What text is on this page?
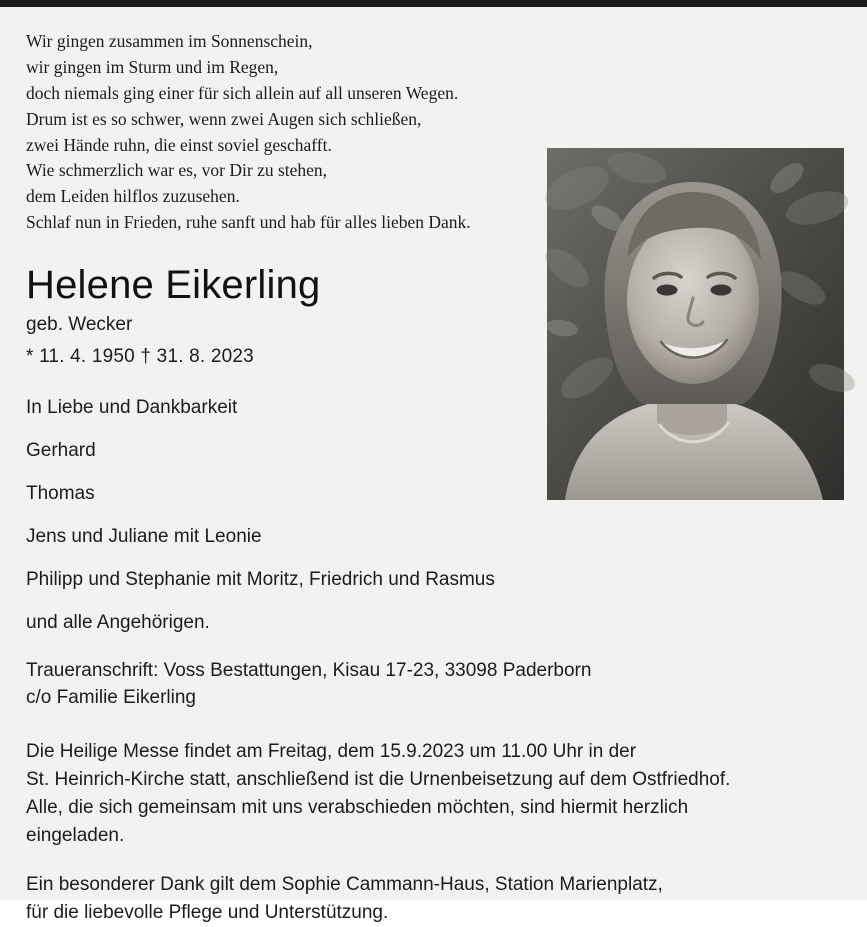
Wir gingen zusammen im Sonnenschein,
wir gingen im Sturm und im Regen,
doch niemals ging einer für sich allein auf all unseren Wegen.
Drum ist es so schwer, wenn zwei Augen sich schließen,
zwei Hände ruhn, die einst soviel geschafft.
Wie schmerzlich war es, vor Dir zu stehen,
dem Leiden hilflos zuzusehen.
Schlaf nun in Frieden, ruhe sanft und hab für alles lieben Dank.
Helene Eikerling
geb. Wecker
* 11. 4. 1950 † 31. 8. 2023
In Liebe und Dankbarkeit
Gerhard
Thomas
Jens und Juliane mit Leonie
Philipp und Stephanie mit Moritz, Friedrich und Rasmus
und alle Angehörigen.
Traueranschrift: Voss Bestattungen, Kisau 17-23, 33098 Paderborn
c/o Familie Eikerling
Die Heilige Messe findet am Freitag, dem 15.9.2023 um 11.00 Uhr in der
St. Heinrich-Kirche statt, anschließend ist die Urnenbeisetzung auf dem Ostfriedhof.
Alle, die sich gemeinsam mit uns verabschieden möchten, sind hiermit herzlich
eingeladen.
Ein besonderer Dank gilt dem Sophie Cammann-Haus, Station Marienplatz,
für die liebevolle Pflege und Unterstützung.
